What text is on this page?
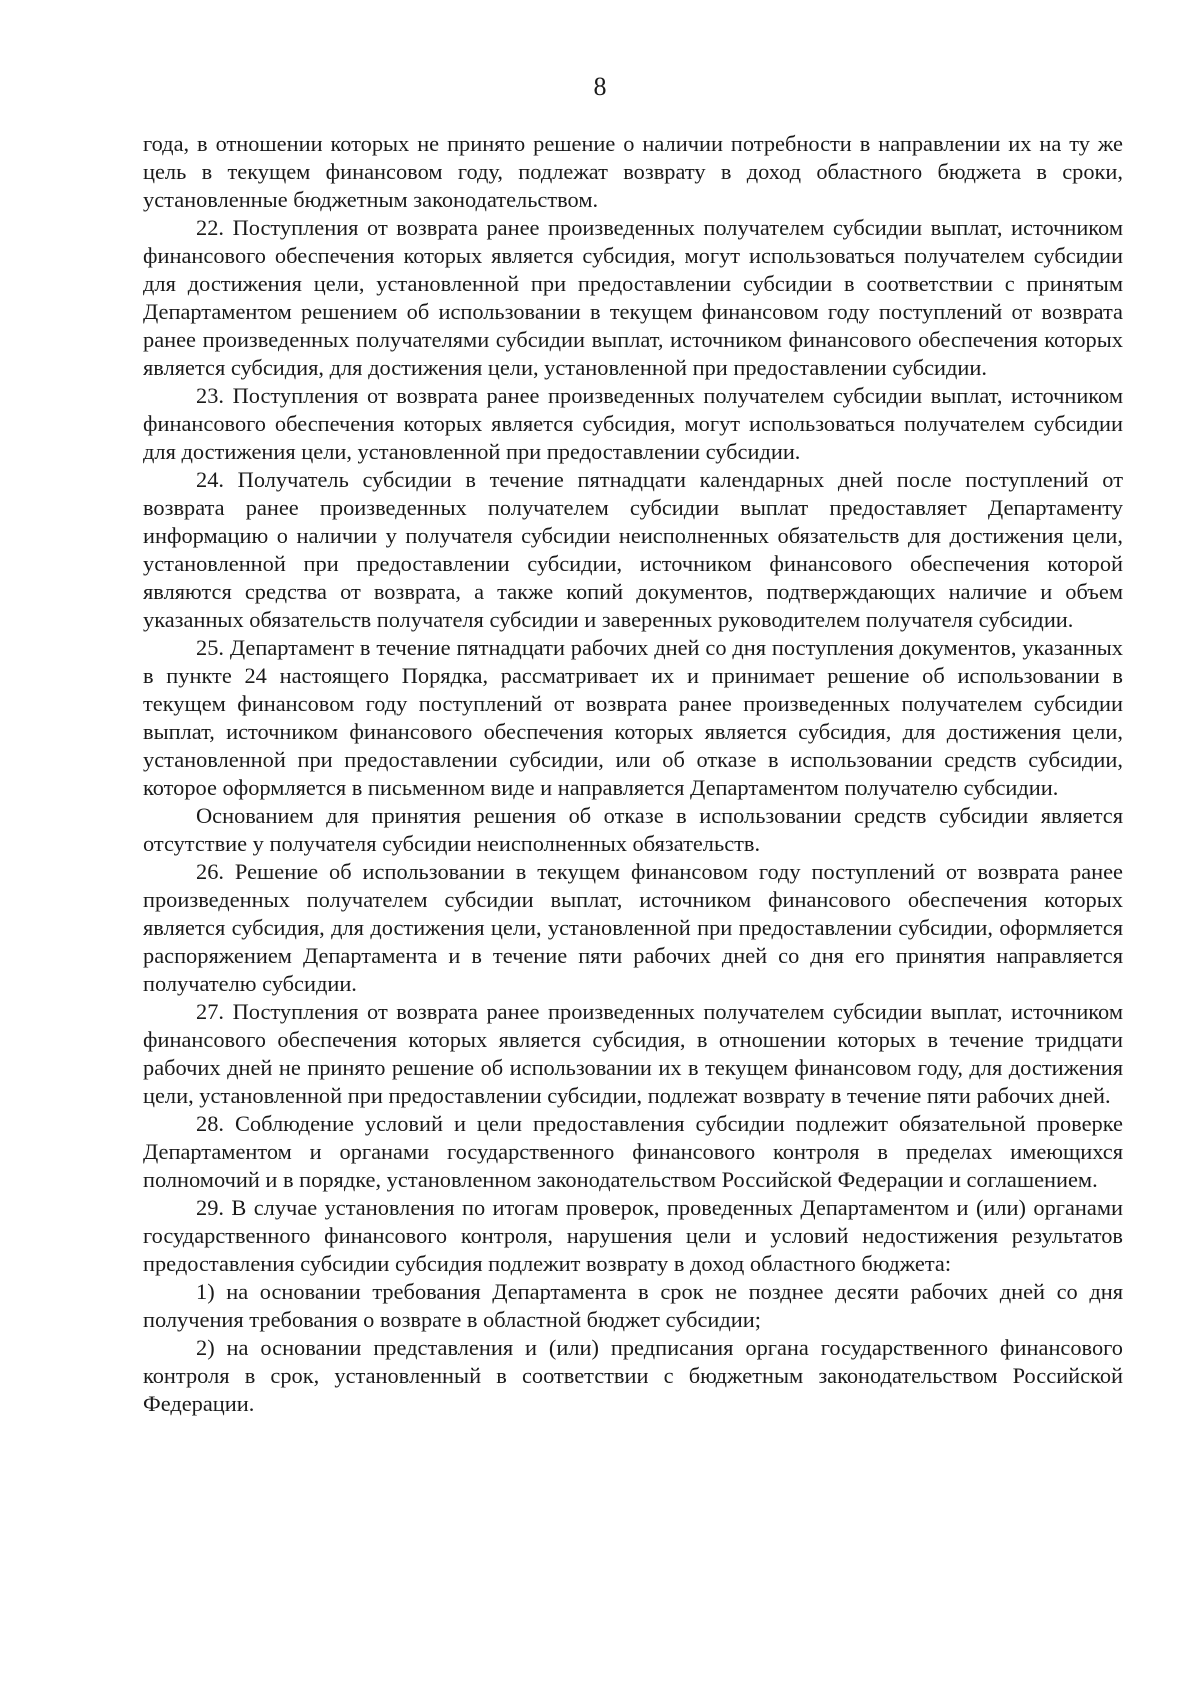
8

года, в отношении которых не принято решение о наличии потребности в направлении их на ту же цель в текущем финансовом году, подлежат возврату в доход областного бюджета в сроки, установленные бюджетным законодательством.

22. Поступления от возврата ранее произведенных получателем субсидии выплат, источником финансового обеспечения которых является субсидия, могут использоваться получателем субсидии для достижения цели, установленной при предоставлении субсидии в соответствии с принятым Департаментом решением об использовании в текущем финансовом году поступлений от возврата ранее произведенных получателями субсидии выплат, источником финансового обеспечения которых является субсидия, для достижения цели, установленной при предоставлении субсидии.

23. Поступления от возврата ранее произведенных получателем субсидии выплат, источником финансового обеспечения которых является субсидия, могут использоваться получателем субсидии для достижения цели, установленной при предоставлении субсидии.

24. Получатель субсидии в течение пятнадцати календарных дней после поступлений от возврата ранее произведенных получателем субсидии выплат предоставляет Департаменту информацию о наличии у получателя субсидии неисполненных обязательств для достижения цели, установленной при предоставлении субсидии, источником финансового обеспечения которой являются средства от возврата, а также копий документов, подтверждающих наличие и объем указанных обязательств получателя субсидии и заверенных руководителем получателя субсидии.

25. Департамент в течение пятнадцати рабочих дней со дня поступления документов, указанных в пункте 24 настоящего Порядка, рассматривает их и принимает решение об использовании в текущем финансовом году поступлений от возврата ранее произведенных получателем субсидии выплат, источником финансового обеспечения которых является субсидия, для достижения цели, установленной при предоставлении субсидии, или об отказе в использовании средств субсидии, которое оформляется в письменном виде и направляется Департаментом получателю субсидии.

Основанием для принятия решения об отказе в использовании средств субсидии является отсутствие у получателя субсидии неисполненных обязательств.

26. Решение об использовании в текущем финансовом году поступлений от возврата ранее произведенных получателем субсидии выплат, источником финансового обеспечения которых является субсидия, для достижения цели, установленной при предоставлении субсидии, оформляется распоряжением Департамента и в течение пяти рабочих дней со дня его принятия направляется получателю субсидии.

27. Поступления от возврата ранее произведенных получателем субсидии выплат, источником финансового обеспечения которых является субсидия, в отношении которых в течение тридцати рабочих дней не принято решение об использовании их в текущем финансовом году, для достижения цели, установленной при предоставлении субсидии, подлежат возврату в течение пяти рабочих дней.

28. Соблюдение условий и цели предоставления субсидии подлежит обязательной проверке Департаментом и органами государственного финансового контроля в пределах имеющихся полномочий и в порядке, установленном законодательством Российской Федерации и соглашением.

29. В случае установления по итогам проверок, проведенных Департаментом и (или) органами государственного финансового контроля, нарушения цели и условий недостижения результатов предоставления субсидии субсидия подлежит возврату в доход областного бюджета:

1) на основании требования Департамента в срок не позднее десяти рабочих дней со дня получения требования о возврате в областной бюджет субсидии;

2) на основании представления и (или) предписания органа государственного финансового контроля в срок, установленный в соответствии с бюджетным законодательством Российской Федерации.
